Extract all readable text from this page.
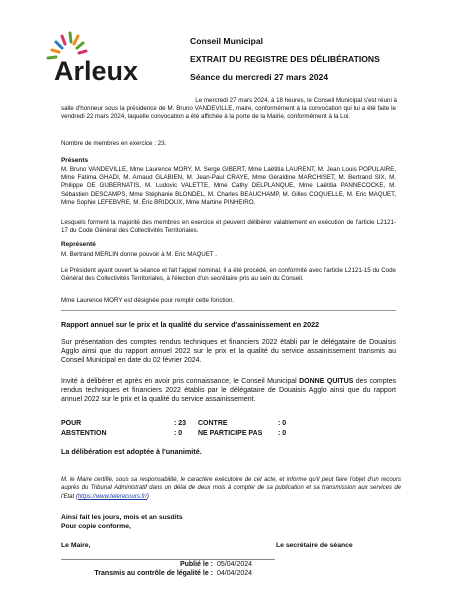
Arleux
Conseil Municipal
EXTRAIT DU REGISTRE DES DÉLIBÉRATIONS
Séance du mercredi 27 mars 2024
Le mercredi 27 mars 2024, à 18 heures, le Conseil Municipal s'est réuni à
salle d'honneur sous la présidence de M. Bruno VANDEVILLE, maire, conformément à la convocation qui lui a été faite le vendredi 22 mars 2024, laquelle convocation a été affichée à la porte de la Mairie, conformément à la Loi.
Nombre de membres en exercice : 23.
Présents
M. Bruno VANDEVILLE, Mme Laurence MORY, M. Serge GIBERT, Mme Laëtitia LAURENT, M. Jean Louis POPULAIRE, Mme Fatima GHADI, M. Arnaud GLABIEN, M. Jean-Paul CRAYE, Mme Géraldine MARCHISET, M. Bertrand SIX, M. Philippe DE GUBERNATIS, M. Ludovic VALETTE, Mme Cathy DELPLANQUE, Mme Laëtitia PANNECOCKE, M. Sébastien DESCAMPS, Mme Stéphanie BLONDEL, M. Charles BEAUCHAMP, M. Gilles COQUELLE, M. Eric MAQUET, Mme Sophie LEFEBVRE, M. Éric BRIDOUX, Mme Martine PINHEIRO.
Lesquels forment la majorité des membres en exercice et peuvent délibérer valablement en exécution de l'article L2121-17 du Code Général des Collectivités Territoriales.
Représenté
M. Bertrand MERLIN donne pouvoir à M. Eric MAQUET .
Le Président ayant ouvert la séance et fait l'appel nominal, il a été procédé, en conformité avec l'article L2121-15 du Code Général des Collectivités Territoriales, à l'élection d'un secrétaire pris au sein du Conseil.
Mme Laurence MORY est désignée pour remplir cette fonction.
Rapport annuel sur le prix et la qualité du service d'assainissement en 2022
Sur présentation des comptes rendus techniques et financiers 2022 établi par le délégataire de Douaisis Agglo ainsi que du rapport annuel 2022 sur le prix et la qualité du service assainissement transmis au Conseil Municipal en date du 02 février 2024.
Invité à délibérer et après en avoir pris connaissance, le Conseil Municipal DONNE QUITUS des comptes rendus techniques et financiers 2022 établis par le délégataire de Douaisis Agglo ainsi que du rapport annuel 2022 sur le prix et la qualité du service assainissement.
POUR	: 23	CONTRE	: 0
ABSTENTION	: 0	NE PARTICIPE PAS	: 0
La délibération est adoptée à l'unanimité.
M. le Maire certifie, sous sa responsabilité, le caractère exécutoire de cet acte, et informe qu'il peut faire l'objet d'un recours auprès du Tribunal Administratif dans un délai de deux mois à compter de sa publication et sa transmission aux services de l'Etat (https://www.telerecours.fr/)
Ainsi fait les jours, mois et an susdits
Pour copie conforme,
Le Maire,	Le secrétaire de séance
Publié le :	05/04/2024
Transmis au contrôle de légalité le :	04/04/2024
